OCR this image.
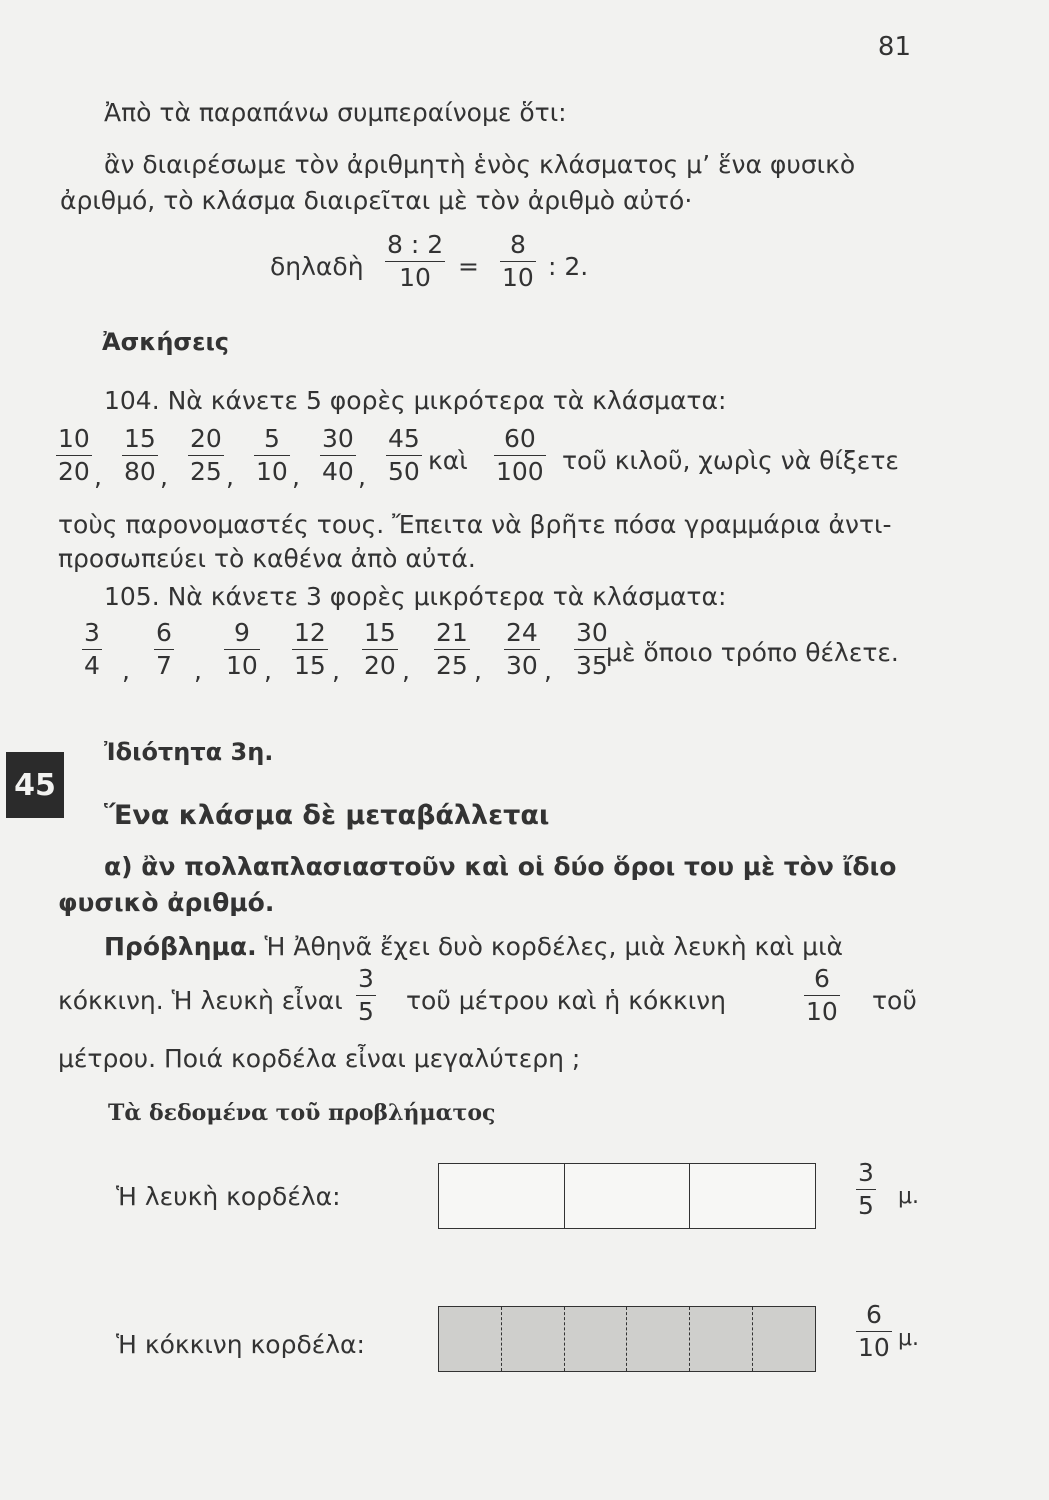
81
Ἀπὸ τὰ παραπάνω συμπεραίνομε ὅτι:
ἂν διαιρέσωμε τὸν ἀριθμητὴ ἑνὸς κλάσματος μ’ ἕνα φυσικὸ
ἀριθμό, τὸ κλάσμα διαιρεῖται μὲ τὸν ἀριθμὸ αὐτό·
δηλαδὴ
8 : 2
10 =
8
10 : 2.
Ἀσκήσεις
104. Νὰ κάνετε 5 φορὲς μικρότερα τὰ κλάσματα:
10
20 ,
15
80 ,
20
25 ,
5
10 ,
30
40 ,
45
50
60
100
καὶ	τοῦ κιλοῦ, χωρὶς νὰ θίξετε
τοὺς παρονομαστές τους. Ἔπειτα νὰ βρῆτε πόσα γραμμάρια ἀντι-
προσωπεύει τὸ καθένα ἀπὸ αὐτά.
105. Νὰ κάνετε 3 φορὲς μικρότερα τὰ κλάσματα:
3
4 ,
6
7 ,
9
10 ,
12
15 ,
15
20 ,
21
25 ,
24
30 ,
30
35
μὲ ὅποιο τρόπο θέλετε.
45
Ἰδιότητα 3η.
Ἕνα κλάσμα δὲ μεταβάλλεται
α) ἂν πολλαπλασιαστοῦν καὶ οἱ δύο ὅροι του μὲ τὸν ἴδιο
φυσικὸ ἀριθμό.
Πρόβλημα. Ἡ Ἀθηνᾶ ἔχει δυὸ κορδέλες, μιὰ λευκὴ καὶ μιὰ
κόκκινη. Ἡ λευκὴ εἶναι
3
5 τοῦ μέτρου καὶ ἡ κόκκινη
6
10 τοῦ
μέτρου. Ποιά κορδέλα εἶναι μεγαλύτερη ;
Τὰ δεδομένα τοῦ προβλήματος
Ἡ λευκὴ κορδέλα:
3
5 μ.
Ἡ κόκκινη κορδέλα:
6
10 μ.
